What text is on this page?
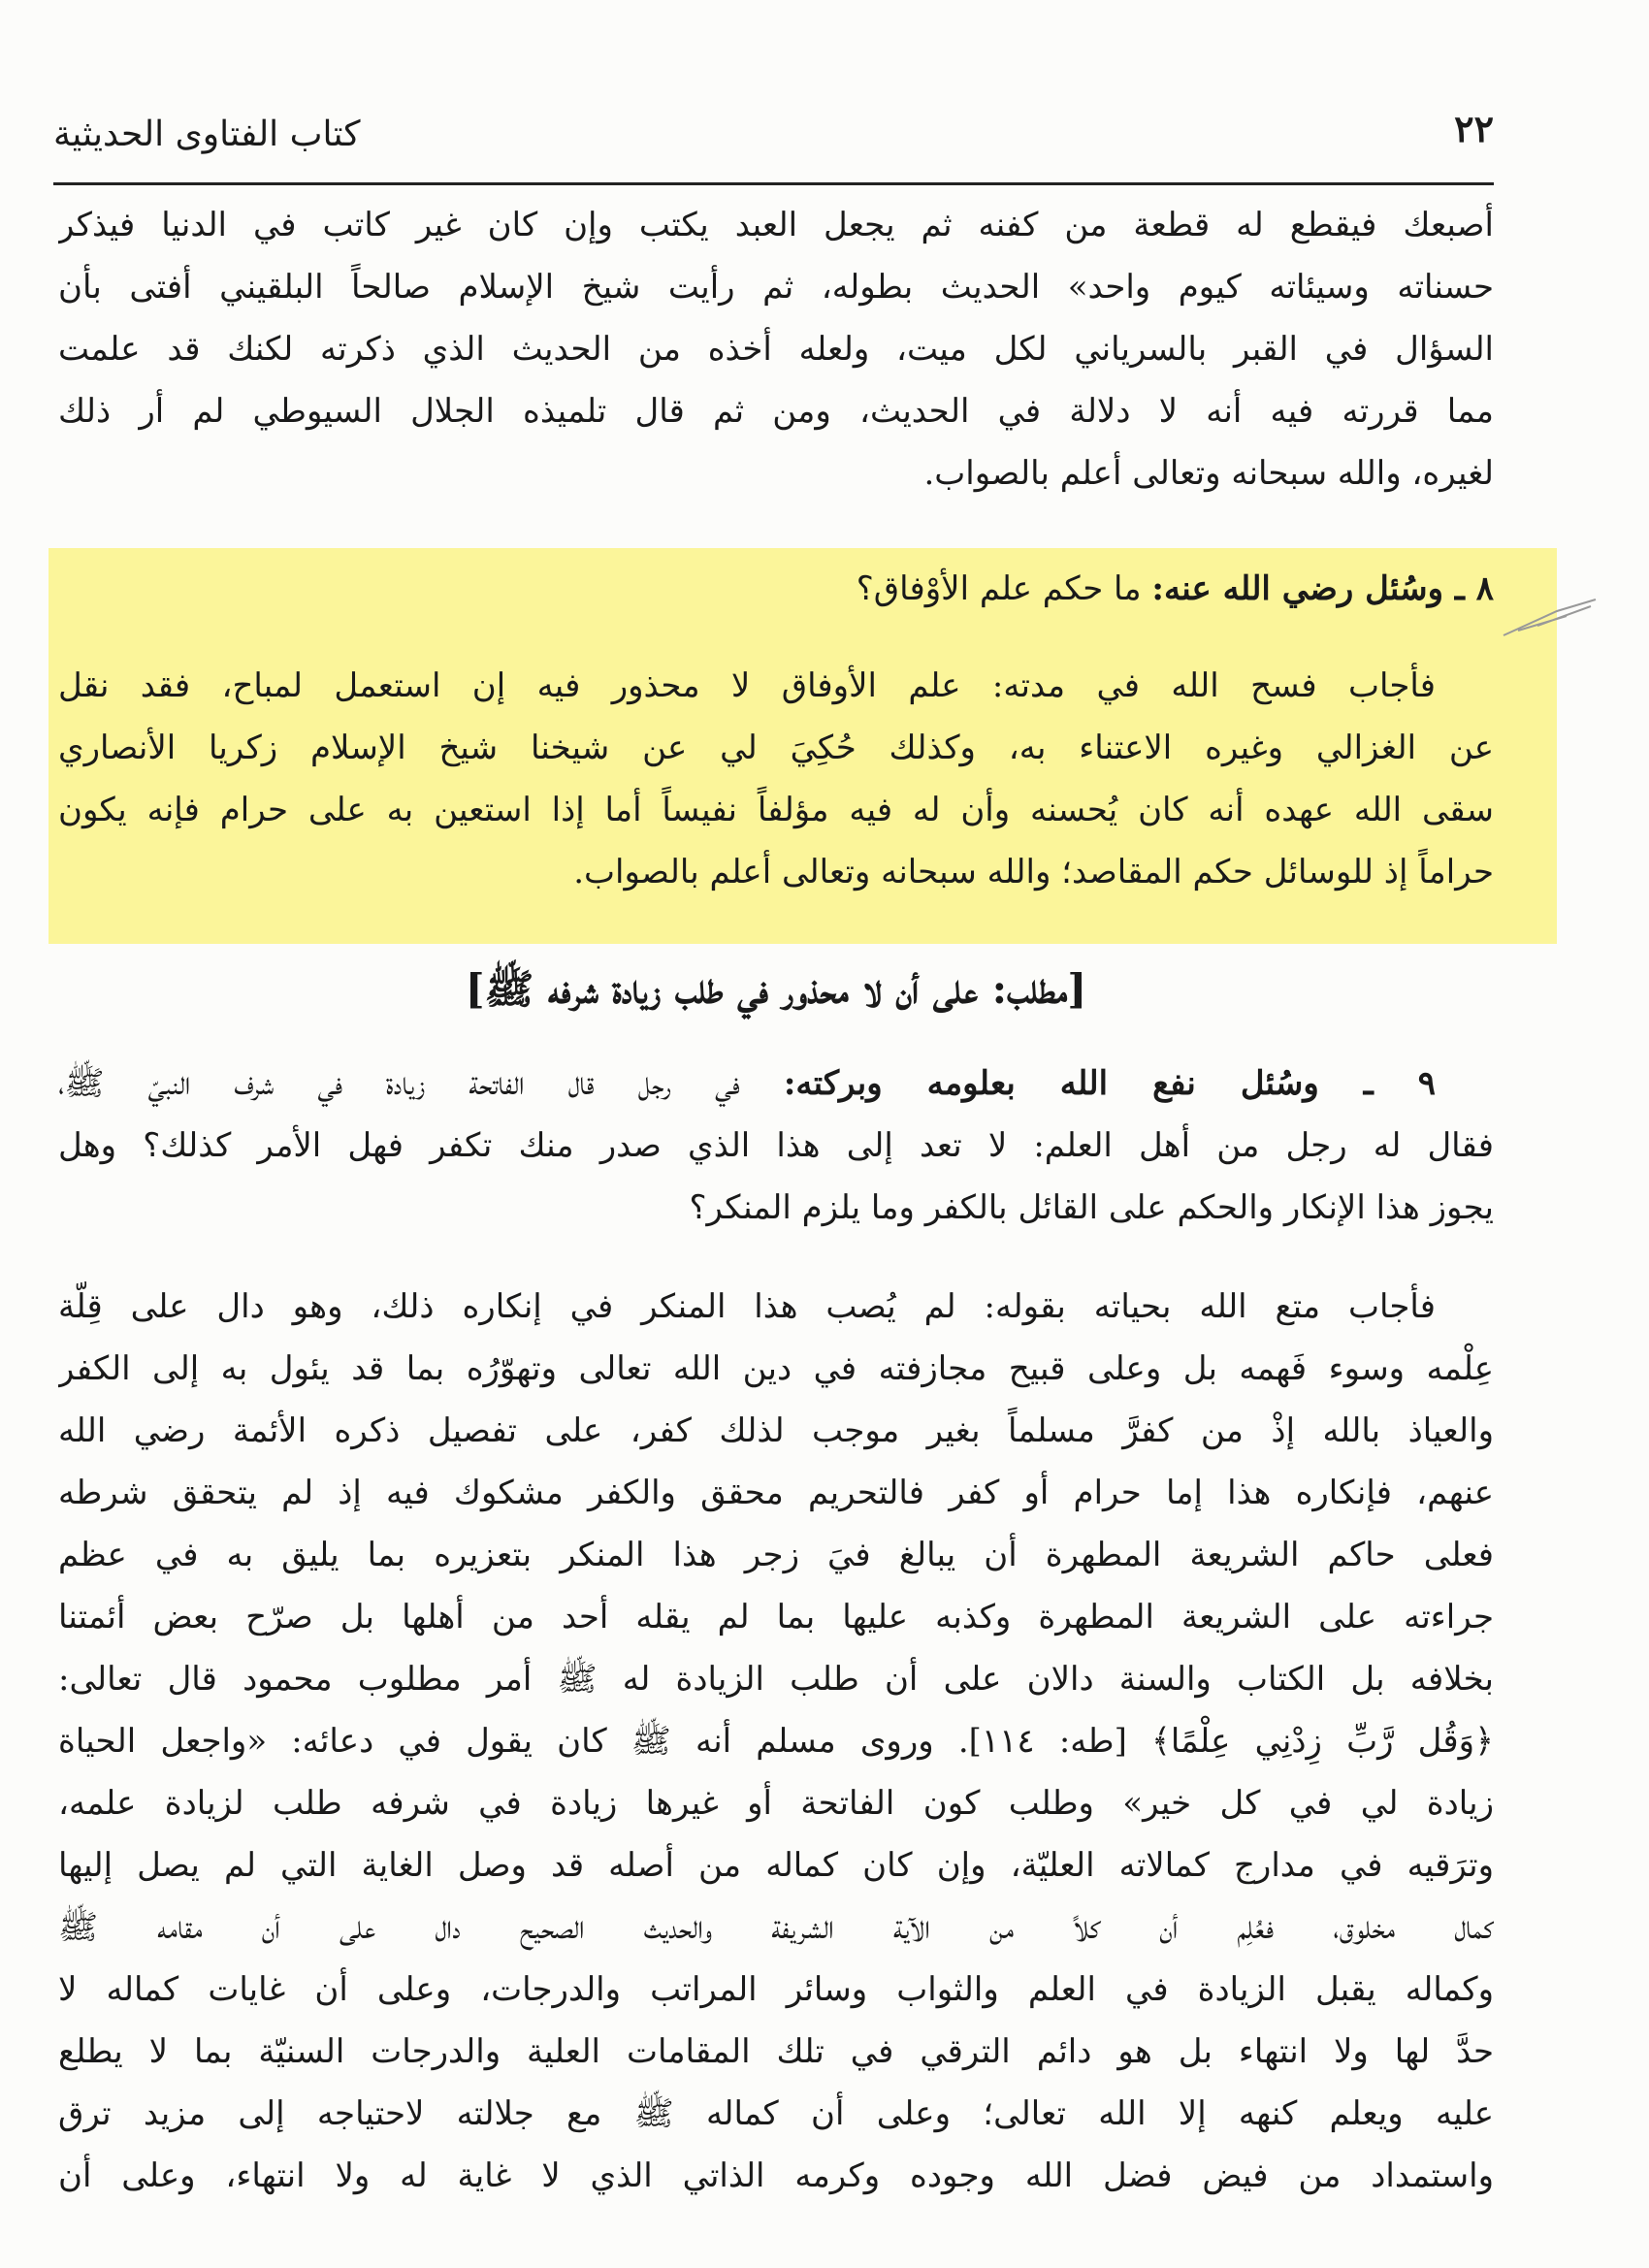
٢٢
كتاب الفتاوى الحديثية
أصبعك فيقطع له قطعة من كفنه ثم يجعل العبد يكتب وإن كان غير كاتب في الدنيا فيذكر
حسناته وسيئاته كيوم واحد» الحديث بطوله، ثم رأيت شيخ الإسلام صالحاً البلقيني أفتى بأن
السؤال في القبر بالسرياني لكل ميت، ولعله أخذه من الحديث الذي ذكرته لكنك قد علمت
مما قررته فيه أنه لا دلالة في الحديث، ومن ثم قال تلميذه الجلال السيوطي لم أر ذلك
لغيره، والله سبحانه وتعالى أعلم بالصواب.
٨ ـ وسُئل رضي الله عنه: ما حكم علم الأوْفاق؟
فأجاب فسح الله في مدته: علم الأوفاق لا محذور فيه إن استعمل لمباح، فقد نقل
عن الغزالي وغيره الاعتناء به، وكذلك حُكِيَ لي عن شيخنا شيخ الإسلام زكريا الأنصاري
سقى الله عهده أنه كان يُحسنه وأن له فيه مؤلفاً نفيساً أما إذا استعين به على حرام فإنه يكون
حراماً إذ للوسائل حكم المقاصد؛ والله سبحانه وتعالى أعلم بالصواب.
[مطلب: على أن لا محذور في طلب زيادة شرفه ﷺ]
٩ ـ وسُئل نفع الله بعلومه وبركته: في رجل قال الفاتحة زيادة في شرف النبيّ ﷺ،
فقال له رجل من أهل العلم: لا تعد إلى هذا الذي صدر منك تكفر فهل الأمر كذلك؟ وهل
يجوز هذا الإنكار والحكم على القائل بالكفر وما يلزم المنكر؟
فأجاب متع الله بحياته بقوله: لم يُصب هذا المنكر في إنكاره ذلك، وهو دال على قِلّة
عِلْمه وسوء فَهمه بل وعلى قبيح مجازفته في دين الله تعالى وتهوّرُه بما قد يئول به إلى الكفر
والعياذ بالله إذْ من كفرَّ مسلماً بغير موجب لذلك كفر، على تفصيل ذكره الأئمة رضي الله
عنهم، فإنكاره هذا إما حرام أو كفر فالتحريم محقق والكفر مشكوك فيه إذ لم يتحقق شرطه
فعلى حاكم الشريعة المطهرة أن يبالغ فيَ زجر هذا المنكر بتعزيره بما يليق به في عظم
جراءته على الشريعة المطهرة وكذبه عليها بما لم يقله أحد من أهلها بل صرّح بعض أئمتنا
بخلافه بل الكتاب والسنة دالان على أن طلب الزيادة له ﷺ أمر مطلوب محمود قال تعالى:
﴿وَقُل رَّبِّ زِدْنِي عِلْمًا﴾ [طه: ١١٤]. وروى مسلم أنه ﷺ كان يقول في دعائه: «واجعل الحياة
زيادة لي في كل خير» وطلب كون الفاتحة أو غيرها زيادة في شرفه طلب لزيادة علمه،
وترَقيه في مدارج كمالاته العليّة، وإن كان كماله من أصله قد وصل الغاية التي لم يصل إليها
كمال مخلوق، فعُلِم أن كلاً من الآية الشريفة والحديث الصحيح دال على أن مقامه ﷺ
وكماله يقبل الزيادة في العلم والثواب وسائر المراتب والدرجات، وعلى أن غايات كماله لا
حدَّ لها ولا انتهاء بل هو دائم الترقي في تلك المقامات العلية والدرجات السنيّة بما لا يطلع
عليه ويعلم كنهه إلا الله تعالى؛ وعلى أن كماله ﷺ مع جلالته لاحتياجه إلى مزيد ترق
واستمداد من فيض فضل الله وجوده وكرمه الذاتي الذي لا غاية له ولا انتهاء، وعلى أن
